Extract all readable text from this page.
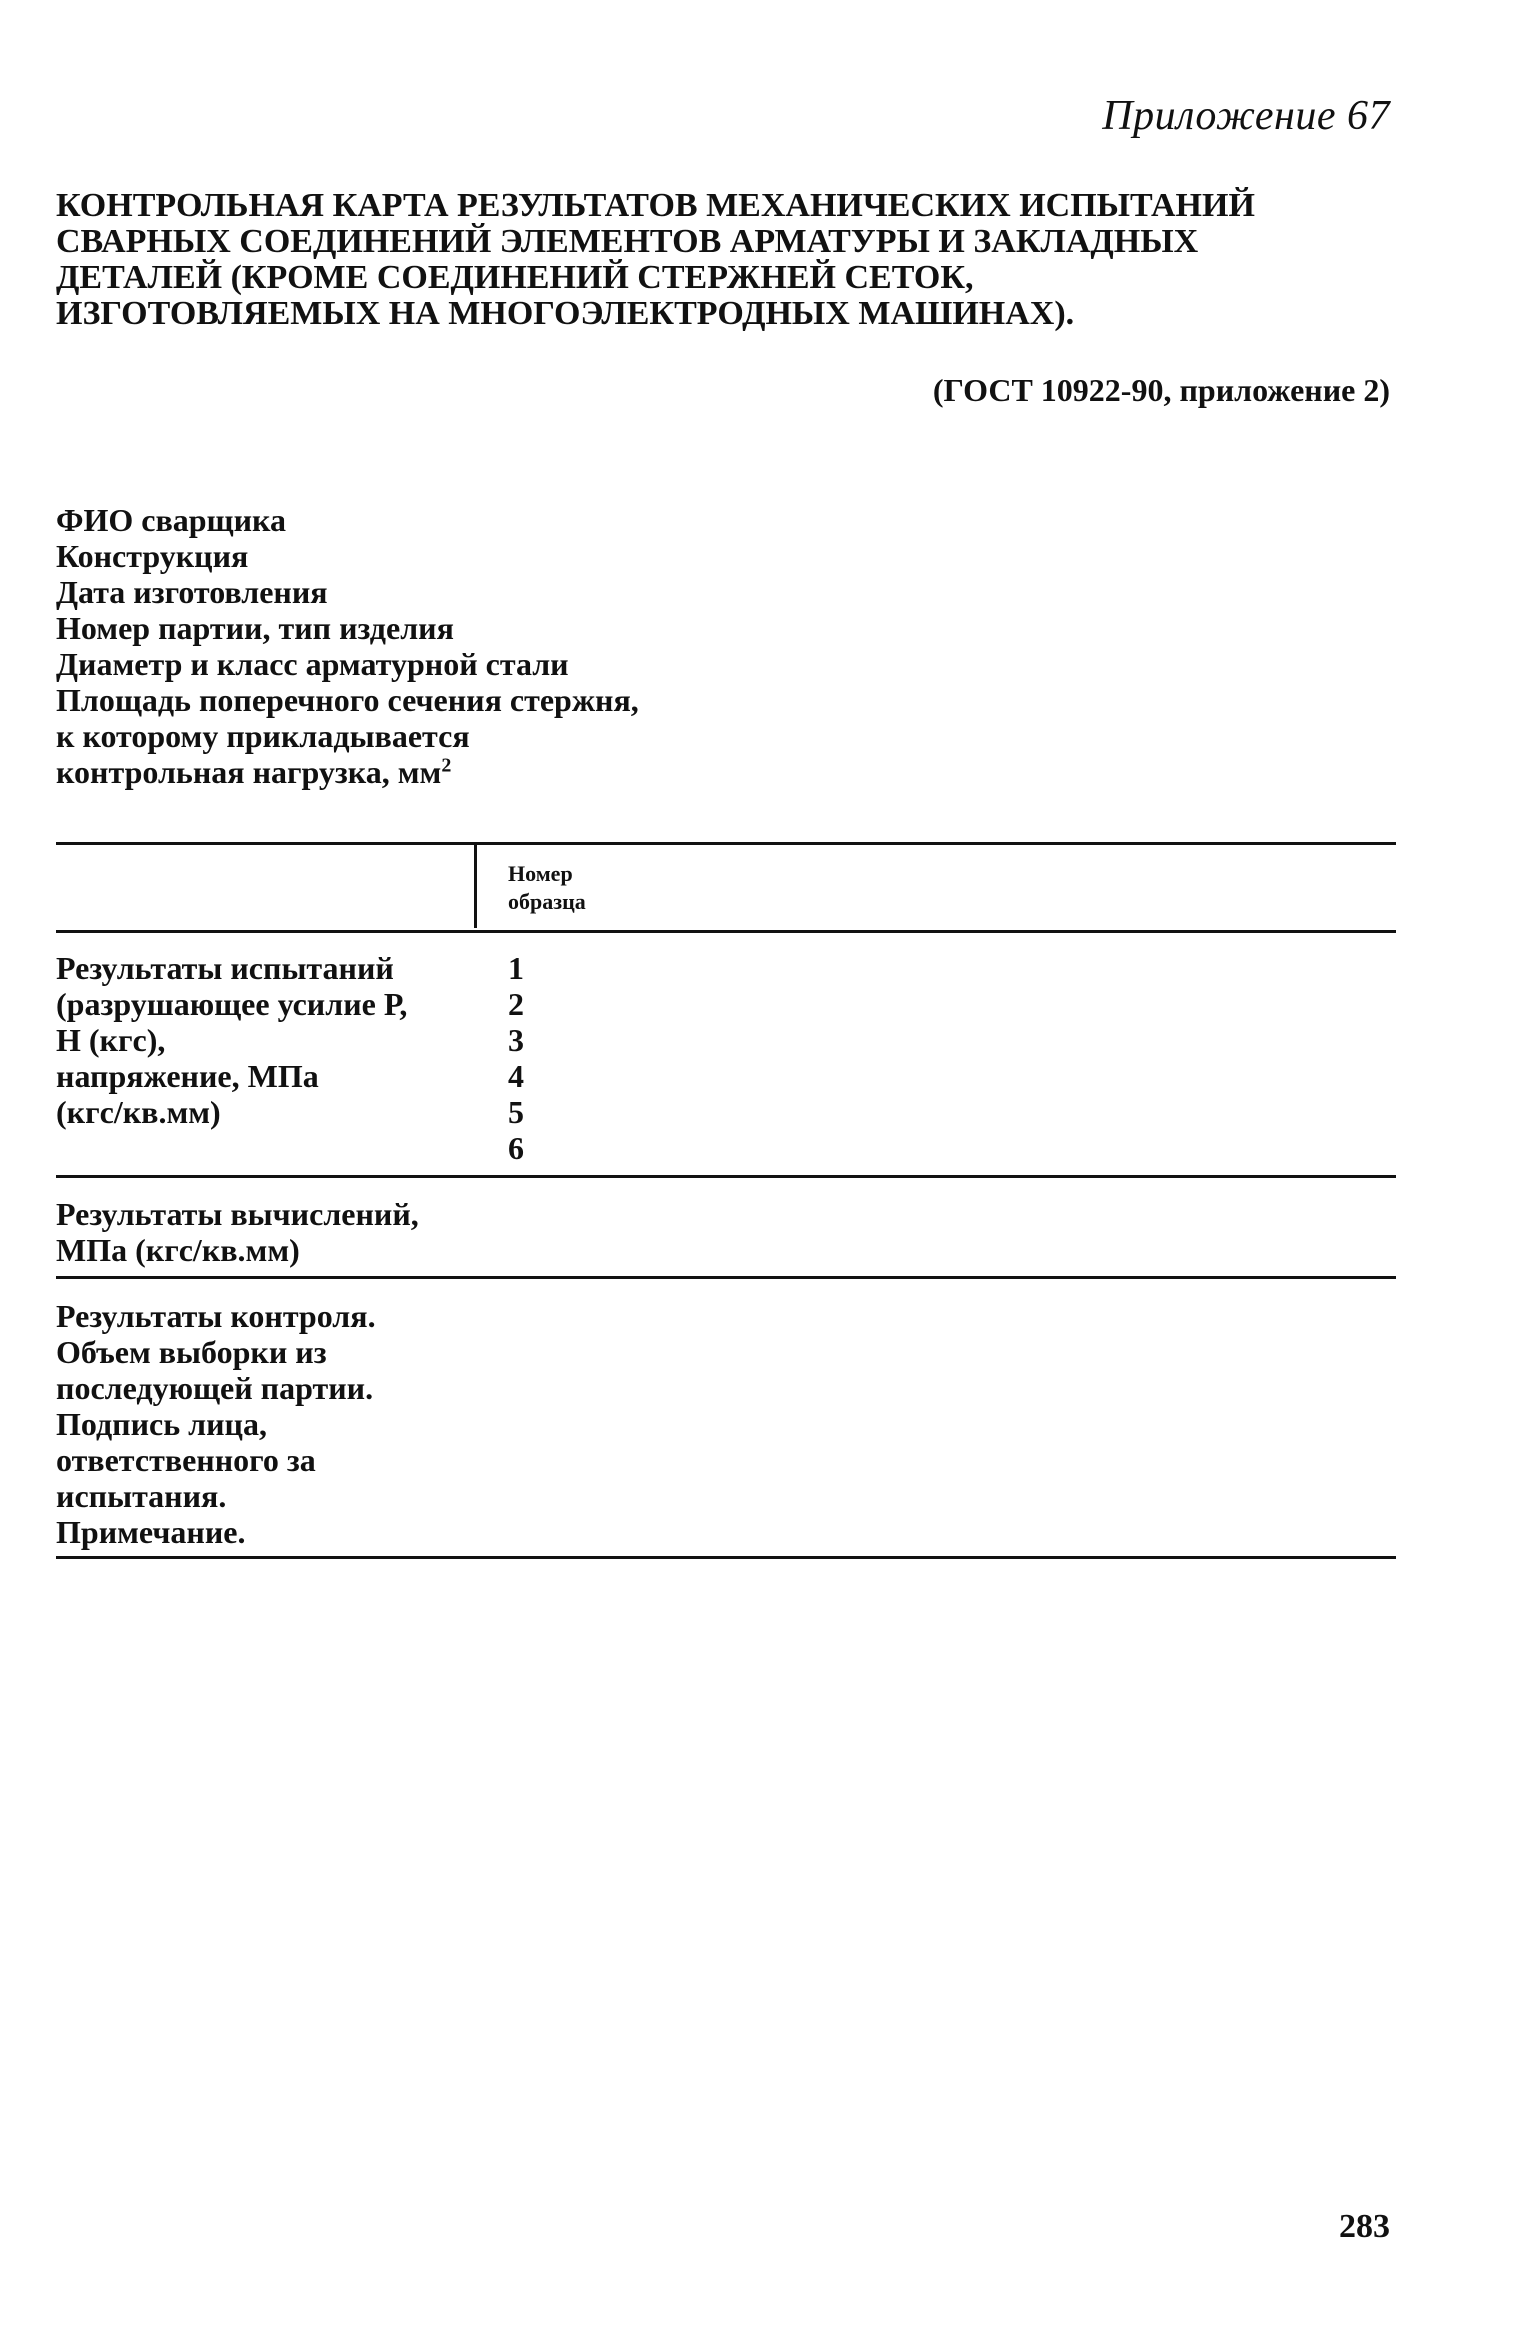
Приложение 67
КОНТРОЛЬНАЯ КАРТА РЕЗУЛЬТАТОВ МЕХАНИЧЕСКИХ ИСПЫТАНИЙ
СВАРНЫХ СОЕДИНЕНИЙ ЭЛЕМЕНТОВ АРМАТУРЫ И ЗАКЛАДНЫХ
ДЕТАЛЕЙ (КРОМЕ СОЕДИНЕНИЙ СТЕРЖНЕЙ СЕТОК,
ИЗГОТОВЛЯЕМЫХ НА МНОГОЭЛЕКТРОДНЫХ МАШИНАХ).
(ГОСТ 10922-90, приложение 2)
ФИО сварщика
Конструкция
Дата изготовления
Номер партии, тип изделия
Диаметр и класс арматурной стали
Площадь поперечного сечения стержня,
к которому прикладывается
контрольная нагрузка, $мм^2$
Номер
образца
Результаты испытаний
(разрушающее усилие Р,
Н (кгс),
напряжение, МПа
(кгс/кв.мм)
1
2
3
4
5
6
Результаты вычислений,
МПа (кгс/кв.мм)
Результаты контроля.
Объем выборки из
последующей партии.
Подпись лица,
ответственного за
испытания.
Примечание.
283
